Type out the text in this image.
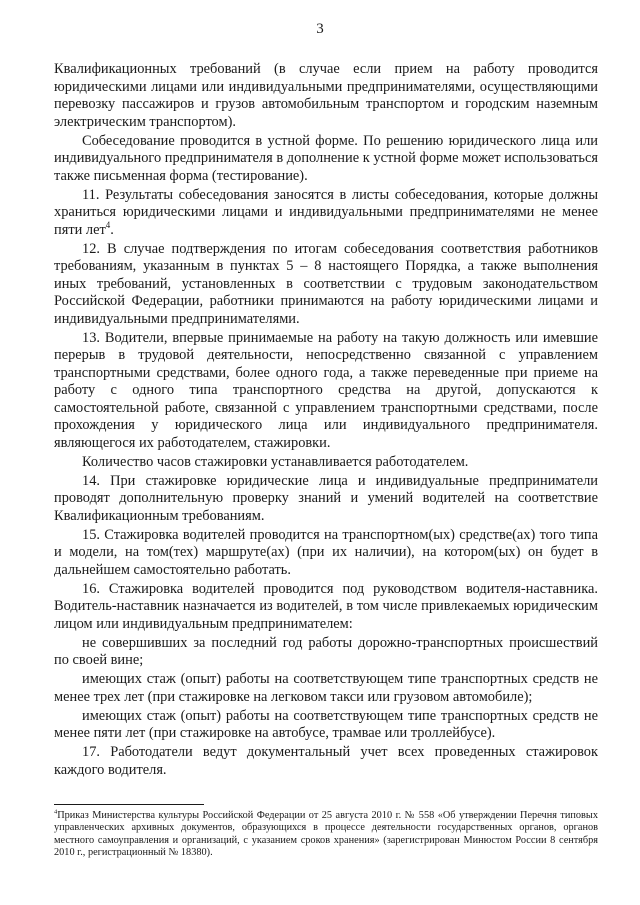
3

Квалификационных требований (в случае если прием на работу проводится юридическими лицами или индивидуальными предпринимателями, осуществляющими перевозку пассажиров и грузов автомобильным транспортом и городским наземным электрическим транспортом).

Собеседование проводится в устной форме. По решению юридического лица или индивидуального предпринимателя в дополнение к устной форме может использоваться также письменная форма (тестирование).

11. Результаты собеседования заносятся в листы собеседования, которые должны храниться юридическими лицами и индивидуальными предпринимателями не менее пяти лет$^4$.

12. В случае подтверждения по итогам собеседования соответствия работников требованиям, указанным в пунктах 5 – 8 настоящего Порядка, а также выполнения иных требований, установленных в соответствии с трудовым законодательством Российской Федерации, работники принимаются на работу юридическими лицами и индивидуальными предпринимателями.

13. Водители, впервые принимаемые на работу на такую должность или имевшие перерыв в трудовой деятельности, непосредственно связанной с управлением транспортными средствами, более одного года, а также переведенные при приеме на работу с одного типа транспортного средства на другой, допускаются к самостоятельной работе, связанной с управлением транспортными средствами, после прохождения у юридического лица или индивидуального предпринимателя. являющегося их работодателем, стажировки.

Количество часов стажировки устанавливается работодателем.

14. При стажировке юридические лица и индивидуальные предприниматели проводят дополнительную проверку знаний и умений водителей на соответствие Квалификационным требованиям.

15. Стажировка водителей проводится на транспортном(ых) средстве(ах) того типа и модели, на том(тех) маршруте(ах) (при их наличии), на котором(ых) он будет в дальнейшем самостоятельно работать.

16. Стажировка водителей проводится под руководством водителя-наставника. Водитель-наставник назначается из водителей, в том числе привлекаемых юридическим лицом или индивидуальным предпринимателем:

не совершивших за последний год работы дорожно-транспортных происшествий по своей вине;

имеющих стаж (опыт) работы на соответствующем типе транспортных средств не менее трех лет (при стажировке на легковом такси или грузовом автомобиле);

имеющих стаж (опыт) работы на соответствующем типе транспортных средств не менее пяти лет (при стажировке на автобусе, трамвае или троллейбусе).

17. Работодатели ведут документальный учет всех проведенных стажировок каждого водителя.

$^4$Приказ Министерства культуры Российской Федерации от 25 августа 2010 г. № 558 «Об утверждении Перечня типовых управленческих архивных документов, образующихся в процессе деятельности государственных органов, органов местного самоуправления и организаций, с указанием сроков хранения» (зарегистрирован Минюстом России 8 сентября 2010 г., регистрационный № 18380).
